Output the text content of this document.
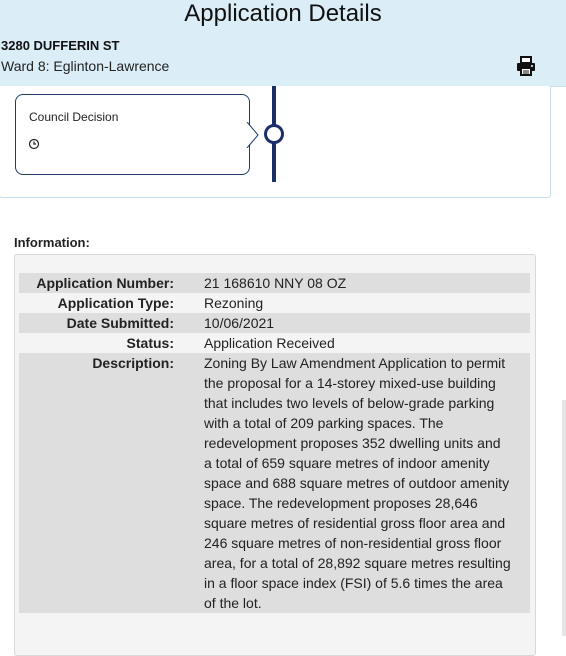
Application Details
3280 DUFFERIN ST
Ward 8: Eglinton-Lawrence
Council Decision
Information:
Application Number:	21 168610 NNY 08 OZ
Application Type:	Rezoning
Date Submitted:	10/06/2021
Status:	Application Received
Description:	Zoning By Law Amendment Application to permit the proposal for a 14-storey mixed-use building that includes two levels of below-grade parking with a total of 209 parking spaces. The redevelopment proposes 352 dwelling units and a total of 659 square metres of indoor amenity space and 688 square metres of outdoor amenity space. The redevelopment proposes 28,646 square metres of residential gross floor area and 246 square metres of non-residential gross floor area, for a total of 28,892 square metres resulting in a floor space index (FSI) of 5.6 times the area of the lot.
